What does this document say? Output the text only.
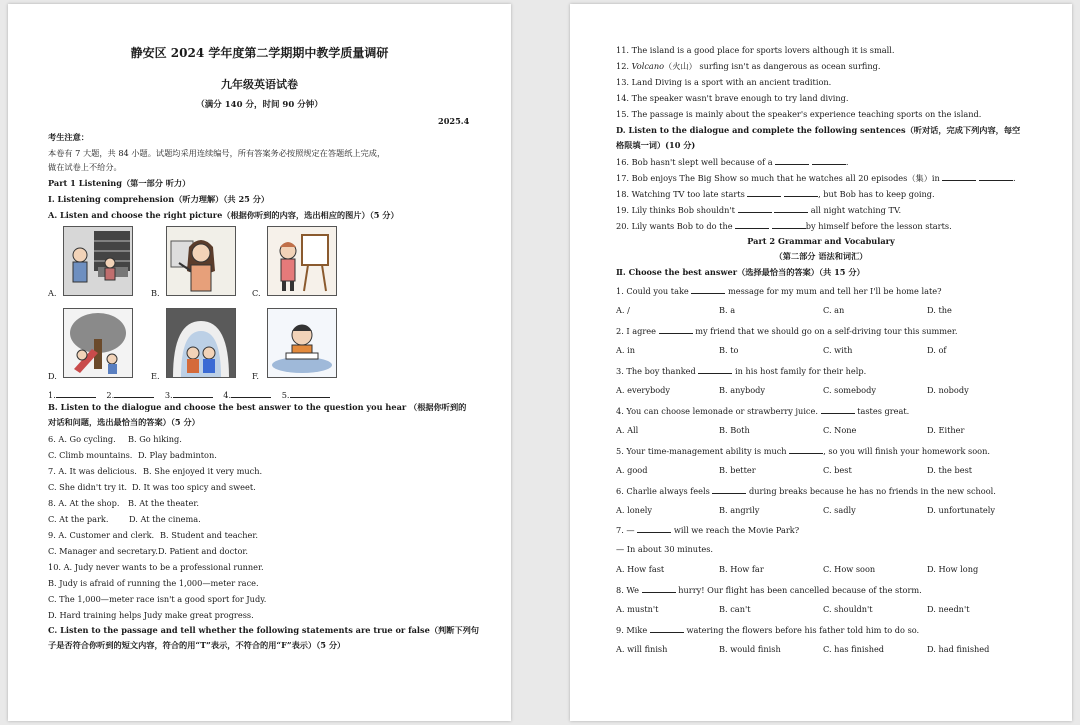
静安区 2024 学年度第二学期期中教学质量调研
九年级英语试卷
（满分 140 分，时间 90 分钟）
2025.4
考生注意：
本卷有 7 大题，共 84 小题。试题均采用连续编号，所有答案务必按照规定在答题纸上完成，
做在试卷上不给分。
Part 1 Listening（第一部分 听力）
I. Listening comprehension（听力理解）（共 25 分）
A. Listen and choose the right picture（根据你听到的内容，选出相应的图片）（5 分）
A.	B.	C.
D.	E.	F.
1.	2.	3.	4.	5.
B. Listen to the dialogue and choose the best answer to the question you hear （根据你听到的
对话和问题，选出最恰当的答案）（5 分）
6. A. Go cycling. B. Go hiking.
C. Climb mountains. D. Play badminton.
7. A. It was delicious. B. She enjoyed it very much.
C. She didn't try it. D. It was too spicy and sweet.
8. A. At the shop. B. At the theater.
C. At the park.	D. At the cinema.
9. A. Customer and clerk. B. Student and teacher.
C. Manager and secretary. D. Patient and doctor.
10. A. Judy never wants to be a professional runner.
B. Judy is afraid of running the 1,000—meter race.
C. The 1,000—meter race isn't a good sport for Judy.
D. Hard training helps Judy make great progress.
C. Listen to the passage and tell whether the following statements are true or false（判断下列句
子是否符合你听到的短文内容，符合的用“T”表示，不符合的用“F”表示）（5 分）
11. The island is a good place for sports lovers although it is small.
12. Volcano（火山） surfing isn't as dangerous as ocean surfing.
13. Land Diving is a sport with an ancient tradition.
14. The speaker wasn't brave enough to try land diving.
15. The passage is mainly about the speaker's experience teaching sports on the island.
D. Listen to the dialogue and complete the following sentences（听对话，完成下列内容，每空
格限填一词）(10 分)
16. Bob hasn't slept well because of a	.
17. Bob enjoys The Big Show so much that he watches all 20 episodes（集）in	.
18. Watching TV too late starts	, but Bob has to keep going.
19. Lily thinks Bob shouldn't	all night watching TV.
20. Lily wants Bob to do the	by himself before the lesson starts.
Part 2 Grammar and Vocabulary
（第二部分 语法和词汇）
Ⅱ. Choose the best answer（选择最恰当的答案）（共 15 分）
1. Could you take	message for my mum and tell her I'll be home late?
A. /	B. a	C. an	D. the
2. I agree	my friend that we should go on a self-driving tour this summer.
A. in	B. to	C. with	D. of
3. The boy thanked	in his host family for their help.
A. everybody	B. anybody	C. somebody	D. nobody
4. You can choose lemonade or strawberry juice.	tastes great.
A. All	B. Both	C. None	D. Either
5. Your time-management ability is much	, so you will finish your homework soon.
A. good	B. better	C. best	D. the best
6. Charlie always feels	during breaks because he has no friends in the new school.
A. lonely	B. angrily	C. sadly	D. unfortunately
7. —	will we reach the Movie Park?
— In about 30 minutes.
A. How fast	B. How far	C. How soon	D. How long
8. We	hurry! Our flight has been cancelled because of the storm.
A. mustn't	B. can't	C. shouldn't	D. needn't
9. Mike	watering the flowers before his father told him to do so.
A. will finish	B. would finish	C. has finished	D. had finished
